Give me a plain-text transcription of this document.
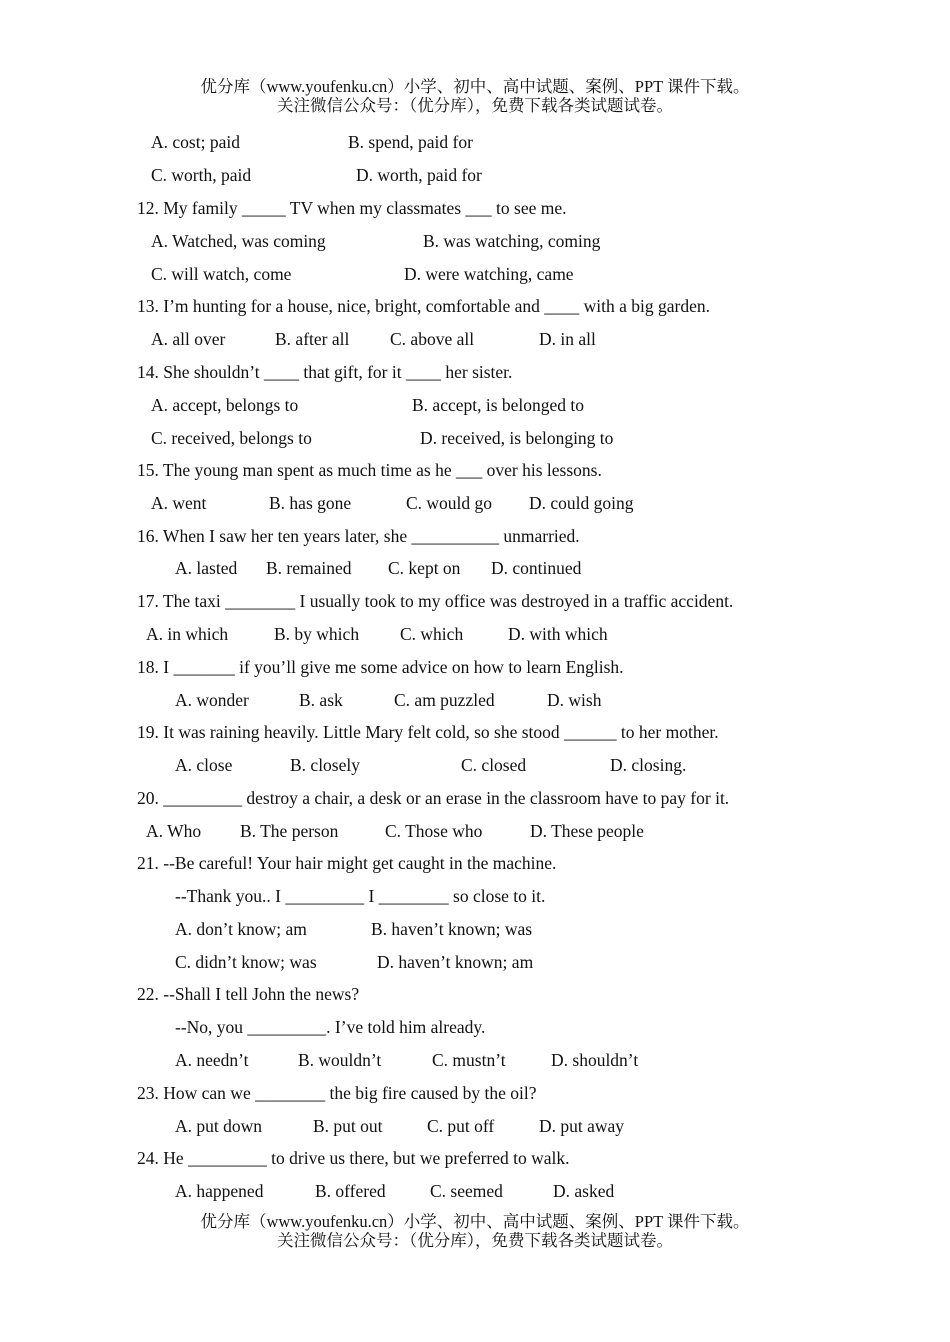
优分库（www.youfenku.cn）小学、初中、高中试题、案例、PPT 课件下载。
关注微信公众号：（优分库），免费下载各类试题试卷。
A. cost; paid	B. spend, paid for
C. worth, paid	D. worth, paid for
12. My family _____ TV when my classmates ___ to see me.
A. Watched, was coming	B. was watching, coming
C. will watch, come	D. were watching, came
13. I’m hunting for a house, nice, bright, comfortable and ____ with a big garden.
A. all over	B. after all C. above all	D. in all
14. She shouldn’t ____ that gift, for it ____ her sister.
A. accept, belongs to	B. accept, is belonged to
C. received, belongs to	D. received, is belonging to
15. The young man spent as much time as he ___ over his lessons.
A. went	B. has gone	C. would go D. could going
16. When I saw her ten years later, she __________ unmarried.
A. lasted B. remained C. kept on D. continued
17. The taxi ________ I usually took to my office was destroyed in a traffic accident.
A. in which	B. by which C. which	D. with which
18. I _______ if you’ll give me some advice on how to learn English.
A. wonder	B. ask	C. am puzzled	D. wish
19. It was raining heavily. Little Mary felt cold, so she stood ______ to her mother.
A. close	B. closely	C. closed	D. closing.
20. _________ destroy a chair, a desk or an erase in the classroom have to pay for it.
A. Who B. The person	C. Those who	D. These people
21. --Be careful! Your hair might get caught in the machine.
--Thank you.. I _________ I ________ so close to it.
A. don’t know; am	B. haven’t known; was
C. didn’t know; was	D. haven’t known; am
22. --Shall I tell John the news?
--No, you _________. I’ve told him already.
A. needn’t	B. wouldn’t	C. mustn’t	D. shouldn’t
23. How can we ________ the big fire caused by the oil?
A. put down	B. put out	C. put off	D. put away
24. He _________ to drive us there, but we preferred to walk.
A. happened	B. offered	C. seemed	D. asked
优分库（www.youfenku.cn）小学、初中、高中试题、案例、PPT 课件下载。
关注微信公众号：（优分库），免费下载各类试题试卷。
